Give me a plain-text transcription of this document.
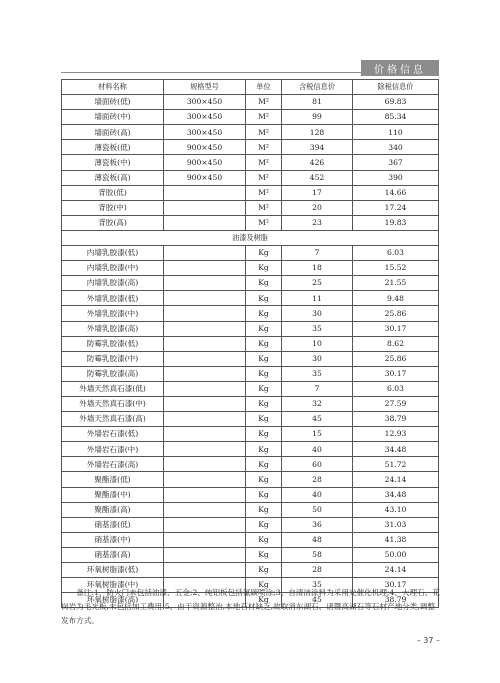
价格信息
材料名称	规格型号	单位	含税信息价	除税信息价
墙面砖(低)	300×450	M²	81	69.83
墙面砖(中)	300×450	M²	99	85.34
墙面砖(高)	300×450	M²	128	110
薄瓷板(低)	900×450	M²	394	340
薄瓷板(中)	900×450	M²	426	367
薄瓷板(高)	900×450	M²	452	390
背胶(低)		M²	17	14.66
背胶(中)		M²	20	17.24
背胶(高)		M²	23	19.83
油漆及树脂				
内墙乳胶漆(低)		Kg	7	6.03
内墙乳胶漆(中)		Kg	18	15.52
内墙乳胶漆(高)		Kg	25	21.55
外墙乳胶漆(低)		Kg	11	9.48
外墙乳胶漆(中)		Kg	30	25.86
外墙乳胶漆(高)		Kg	35	30.17
防霉乳胶漆(低)		Kg	10	8.62
防霉乳胶漆(中)		Kg	30	25.86
防霉乳胶漆(高)		Kg	35	30.17
外墙天然真石漆(低)		Kg	7	6.03
外墙天然真石漆(中)		Kg	32	27.59
外墙天然真石漆(高)		Kg	45	38.79
外墙岩石漆(低)		Kg	15	12.93
外墙岩石漆(中)		Kg	40	34.48
外墙岩石漆(高)		Kg	60	51.72
聚酯漆(低)		Kg	28	24.14
聚酯漆(中)		Kg	40	34.48
聚酯漆(高)		Kg	50	43.10
硝基漆(低)		Kg	36	31.03
硝基漆(中)		Kg	48	41.38
硝基漆(高)		Kg	58	50.00
环氧树脂漆(低)		Kg	28	24.14
环氧树脂漆(中)		Kg	35	30.17
环氧树脂漆(高)		Kg	45	38.79
备注:1、防火门未包括油漆、五金;2、纯铝板包括氟碳喷涂;3、自清洁涂料为采用光催化机理;4、大理石、花岗岩为毛光板,未包括加工费用;5、由于资源整治,本地石材缺乏,故取消东湖石、诸暨高湖石等石材产地分类,调整发布方式。
– 37 –
